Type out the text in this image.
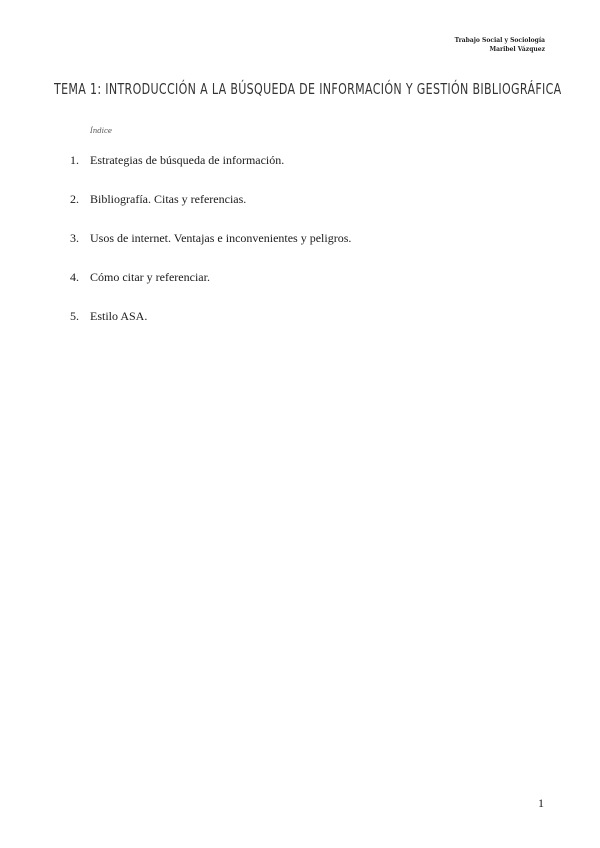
Trabajo Social y Sociología
Maribel Vázquez
TEMA 1: INTRODUCCIÓN A LA BÚSQUEDA DE INFORMACIÓN Y GESTIÓN BIBLIOGRÁFICA
Índice
1. Estrategias de búsqueda de información.
2. Bibliografía. Citas y referencias.
3. Usos de internet. Ventajas e inconvenientes y peligros.
4. Cómo citar y referenciar.
5. Estilo ASA.
1
